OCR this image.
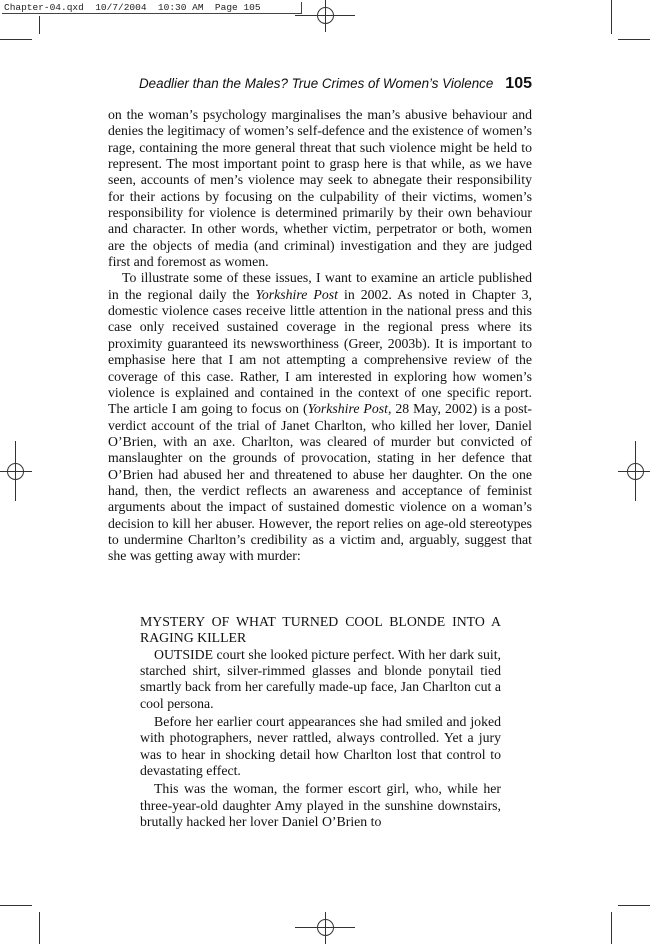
Chapter-04.qxd  10/7/2004  10:30 AM  Page 105
Deadlier than the Males? True Crimes of Women’s Violence 105

on the woman’s psychology marginalises the man’s abusive behaviour and denies the legitimacy of women’s self-defence and the existence of women’s rage, containing the more general threat that such violence might be held to represent. The most important point to grasp here is that while, as we have seen, accounts of men’s violence may seek to abnegate their responsibility for their actions by focusing on the culpability of their victims, women’s responsibility for violence is determined primarily by their own behaviour and character. In other words, whether victim, perpetrator or both, women are the objects of media (and criminal) investigation and they are judged first and foremost as women.

To illustrate some of these issues, I want to examine an article published in the regional daily the Yorkshire Post in 2002. As noted in Chapter 3, domestic violence cases receive little attention in the national press and this case only received sustained coverage in the regional press where its proximity guaranteed its newsworthiness (Greer, 2003b). It is important to emphasise here that I am not attempting a comprehensive review of the coverage of this case. Rather, I am interested in exploring how women’s violence is explained and contained in the context of one specific report. The article I am going to focus on (Yorkshire Post, 28 May, 2002) is a post-verdict account of the trial of Janet Charlton, who killed her lover, Daniel O’Brien, with an axe. Charlton, was cleared of murder but convicted of manslaughter on the grounds of provocation, stating in her defence that O’Brien had abused her and threatened to abuse her daughter. On the one hand, then, the verdict reflects an awareness and acceptance of feminist arguments about the impact of sustained domestic violence on a woman’s decision to kill her abuser. However, the report relies on age-old stereotypes to undermine Charlton’s credibility as a victim and, arguably, suggest that she was getting away with murder:

MYSTERY OF WHAT TURNED COOL BLONDE INTO A RAGING KILLER

OUTSIDE court she looked picture perfect. With her dark suit, starched shirt, silver-rimmed glasses and blonde ponytail tied smartly back from her carefully made-up face, Jan Charlton cut a cool persona.

Before her earlier court appearances she had smiled and joked with photographers, never rattled, always controlled. Yet a jury was to hear in shocking detail how Charlton lost that control to devastating effect.

This was the woman, the former escort girl, who, while her three-year-old daughter Amy played in the sunshine downstairs, brutally hacked her lover Daniel O’Brien to
